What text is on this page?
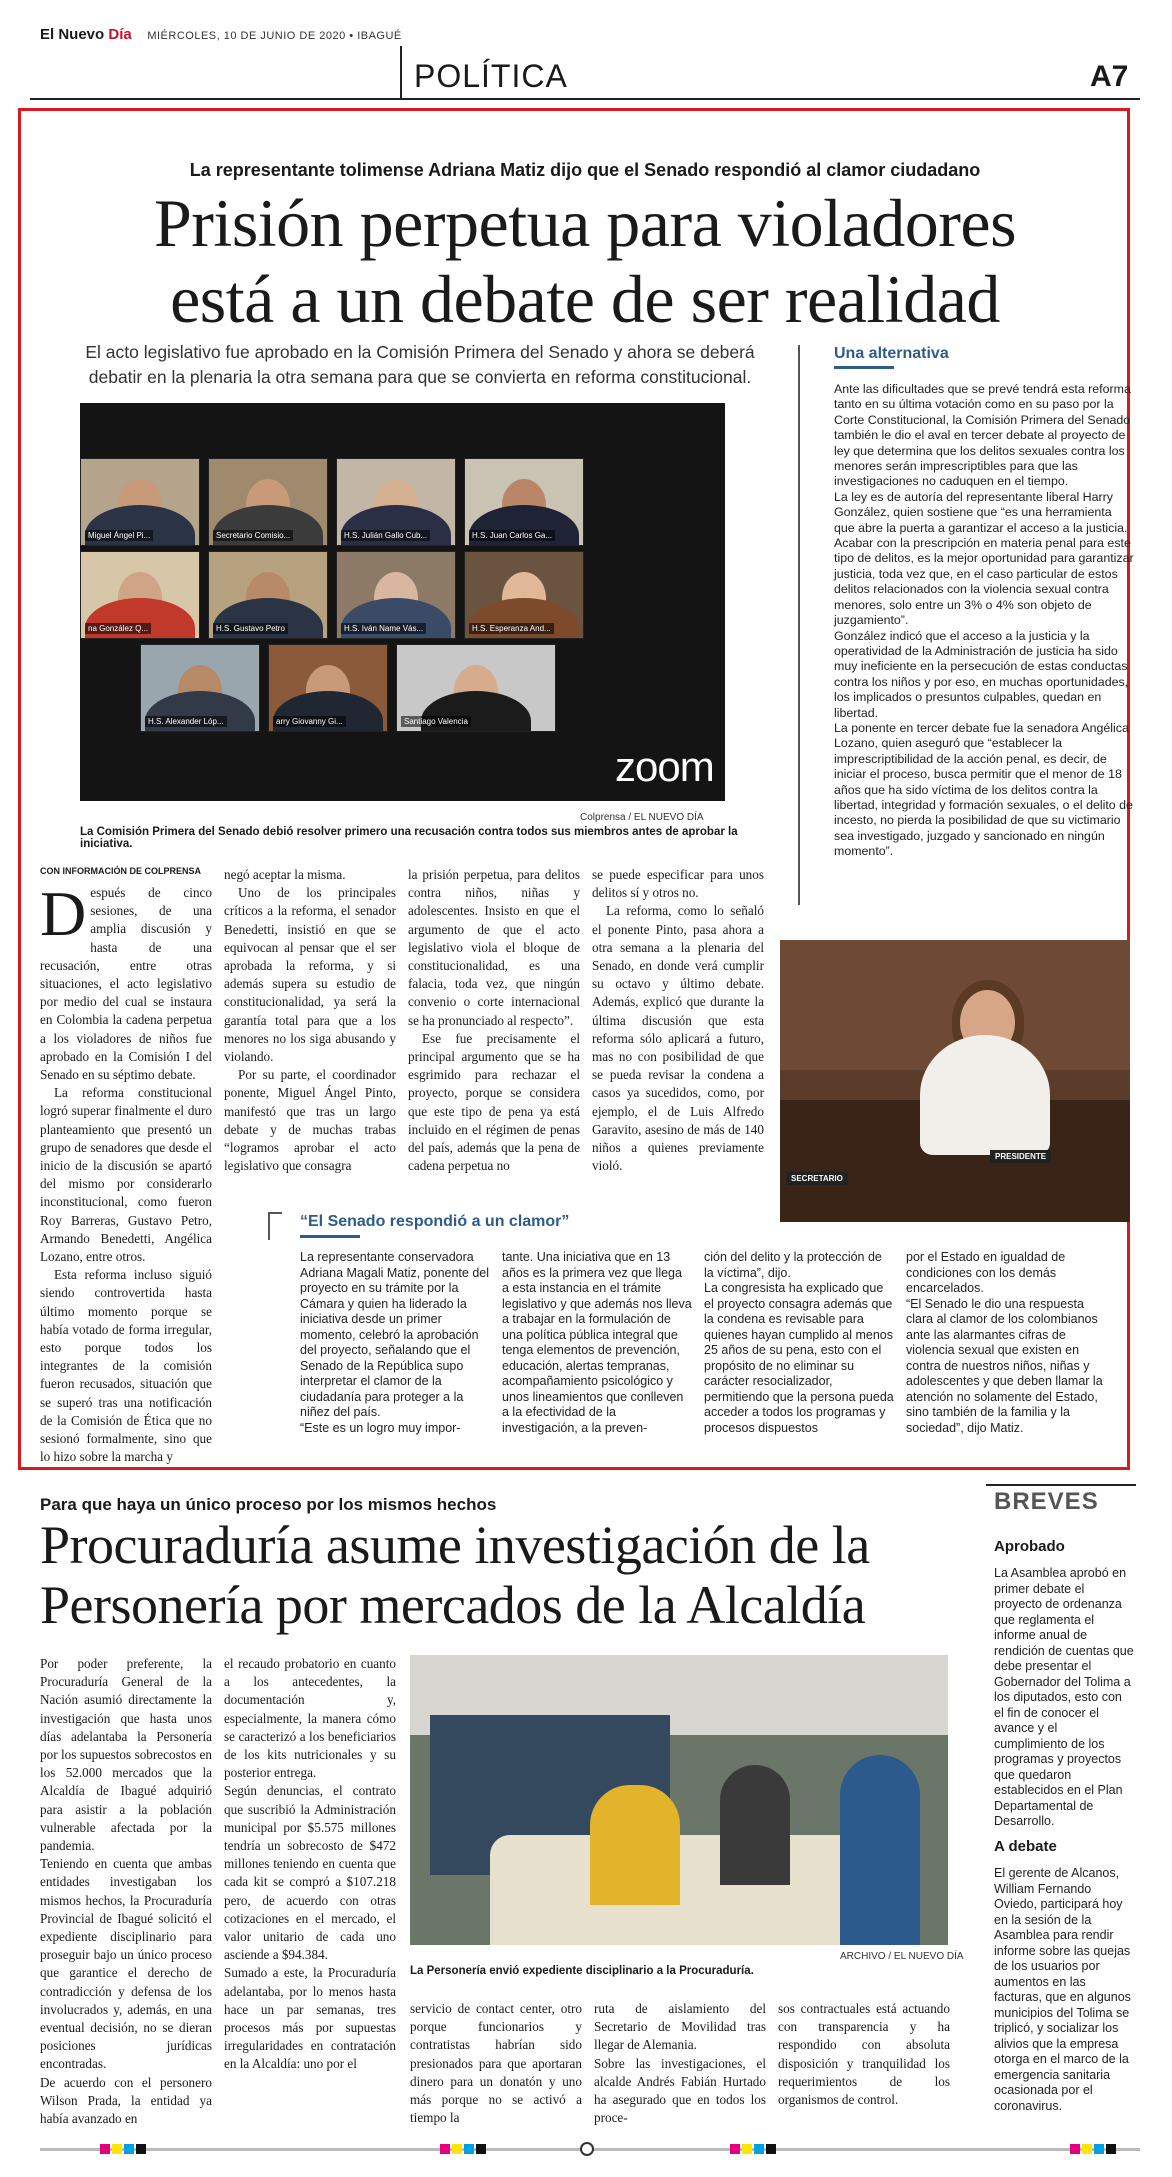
El Nuevo Día MIÉRCOLES, 10 DE JUNIO DE 2020 • IBAGUÉ
POLÍTICA	A7
La representante tolimense Adriana Matiz dijo que el Senado respondió al clamor ciudadano
Prisión perpetua para violadores
está a un debate de ser realidad
El acto legislativo fue aprobado en la Comisión Primera del Senado y ahora se deberá debatir en la plenaria la otra semana para que se convierta en reforma constitucional.
Miguel Ángel Pi...	Secretario Comisio...	H.S. Julián Gallo Cub...	H.S. Juan Carlos Ga...
na González Q...	H.S. Gustavo Petro	H.S. Iván Name Vás...	H.S. Esperanza And...
H.S. Alexander Lóp...	arry Giovanny Gi...	Santiago Valencia
zoom
Colprensa / EL NUEVO DÍA
La Comisión Primera del Senado debió resolver primero una recusación contra todos sus miembros antes de aprobar la iniciativa.
Una alternativa

Ante las dificultades que se prevé tendrá esta reforma tanto en su última votación como en su paso por la Corte Constitucional, la Comisión Primera del Senado también le dio el aval en tercer debate al proyecto de ley que determina que los delitos sexuales contra los menores serán imprescriptibles para que las investigaciones no caduquen en el tiempo.

La ley es de autoría del representante liberal Harry González, quien sostiene que “es una herramienta que abre la puerta a garantizar el acceso a la justicia. Acabar con la prescripción en materia penal para este tipo de delitos, es la mejor oportunidad para garantizar justicia, toda vez que, en el caso particular de estos delitos relacionados con la violencia sexual contra menores, solo entre un 3% o 4% son objeto de juzgamiento”.

González indicó que el acceso a la justicia y la operatividad de la Administración de justicia ha sido muy ineficiente en la persecución de estas conductas contra los niños y por eso, en muchas oportunidades, los implicados o presuntos culpables, quedan en libertad.

La ponente en tercer debate fue la senadora Angélica Lozano, quien aseguró que “establecer la imprescriptibilidad de la acción penal, es decir, de iniciar el proceso, busca permitir que el menor de 18 años que ha sido víctima de los delitos contra la libertad, integridad y formación sexuales, o el delito de incesto, no pierda la posibilidad de que su victimario sea investigado, juzgado y sancionado en ningún momento”.

CON INFORMACIÓN DE COLPRENSA

Después de cinco sesiones, de una amplia discusión y hasta de una recusación, entre otras situaciones, el acto legislativo por medio del cual se instaura en Colombia la cadena perpetua a los violadores de niños fue aprobado en la Comisión I del Senado en su séptimo debate.

La reforma constitucional logró superar finalmente el duro planteamiento que presentó un grupo de senadores que desde el inicio de la discusión se apartó del mismo por considerarlo inconstitucional, como fueron Roy Barreras, Gustavo Petro, Armando Benedetti, Angélica Lozano, entre otros.

Esta reforma incluso siguió siendo controvertida hasta último momento porque se había votado de forma irregular, esto porque todos los integrantes de la comisión fueron recusados, situación que se superó tras una notificación de la Comisión de Ética que no sesionó formalmente, sino que lo hizo sobre la marcha y

negó aceptar la misma.

Uno de los principales críticos a la reforma, el senador Benedetti, insistió en que se equivocan al pensar que el ser aprobada la reforma, y si además supera su estudio de constitucionalidad, ya será la garantía total para que a los menores no los siga abusando y violando.

Por su parte, el coordinador ponente, Miguel Ángel Pinto, manifestó que tras un largo debate y de muchas trabas “logramos aprobar el acto legislativo que consagra

la prisión perpetua, para delitos contra niños, niñas y adolescentes. Insisto en que el argumento de que el acto legislativo viola el bloque de constitucionalidad, es una falacia, toda vez, que ningún convenio o corte internacional se ha pronunciado al respecto”.

Ese fue precisamente el principal argumento que se ha esgrimido para rechazar el proyecto, porque se considera que este tipo de pena ya está incluido en el régimen de penas del país, además que la pena de cadena perpetua no

se puede especificar para unos delitos sí y otros no.

La reforma, como lo señaló el ponente Pinto, pasa ahora a otra semana a la plenaria del Senado, en donde verá cumplir su octavo y último debate. Además, explicó que durante la última discusión que esta reforma sólo aplicará a futuro, mas no con posibilidad de que se pueda revisar la condena a casos ya sucedidos, como, por ejemplo, el de Luis Alfredo Garavito, asesino de más de 140 niños a quienes previamente violó.

PRESIDENTE
SECRETARIO
“El Senado respondió a un clamor”
La representante conservadora Adriana Magali Matiz, ponente del proyecto en su trámite por la Cámara y quien ha liderado la iniciativa desde un primer momento, celebró la aprobación del proyecto, señalando que el Senado de la República supo interpretar el clamor de la ciudadanía para proteger a la niñez del país.
“Este es un logro muy impor-
tante. Una iniciativa que en 13 años es la primera vez que llega a esta instancia en el trámite legislativo y que además nos lleva a trabajar en la formulación de una política pública integral que tenga elementos de prevención, educación, alertas tempranas, acompañamiento psicológico y unos lineamientos que conlleven a la efectividad de la investigación, a la preven-
ción del delito y la protección de la víctima”, dijo.
La congresista ha explicado que el proyecto consagra además que la condena es revisable para quienes hayan cumplido al menos 25 años de su pena, esto con el propósito de no eliminar su carácter resocializador, permitiendo que la persona pueda acceder a todos los programas y procesos dispuestos
por el Estado en igualdad de condiciones con los demás encarcelados.
“El Senado le dio una respuesta clara al clamor de los colombianos ante las alarmantes cifras de violencia sexual que existen en contra de nuestros niños, niñas y adolescentes y que deben llamar la atención no solamente del Estado, sino también de la familia y la sociedad”, dijo Matiz.
Para que haya un único proceso por los mismos hechos
Procuraduría asume investigación de la
Personería por mercados de la Alcaldía
Por poder preferente, la Procuraduría General de la Nación asumió directamente la investigación que hasta unos días adelantaba la Personería por los supuestos sobrecostos en los 52.000 mercados que la Alcaldía de Ibagué adquirió para asistir a la población vulnerable afectada por la pandemia.
Teniendo en cuenta que ambas entidades investigaban los mismos hechos, la Procuraduría Provincial de Ibagué solicitó el expediente disciplinario para proseguir bajo un único proceso que garantice el derecho de contradicción y defensa de los involucrados y, además, en una eventual decisión, no se dieran posiciones jurídicas encontradas.
De acuerdo con el personero Wilson Prada, la entidad ya había avanzado en
el recaudo probatorio en cuanto a los antecedentes, la documentación y, especialmente, la manera cómo se caracterizó a los beneficiarios de los kits nutricionales y su posterior entrega.
Según denuncias, el contrato que suscribió la Administración municipal por $5.575 millones tendría un sobrecosto de $472 millones teniendo en cuenta que cada kit se compró a $107.218 pero, de acuerdo con otras cotizaciones en el mercado, el valor unitario de cada uno asciende a $94.384.
Sumado a este, la Procuraduría adelantaba, por lo menos hasta hace un par semanas, tres procesos más por supuestas irregularidades en contratación en la Alcaldía: uno por el
ARCHIVO / EL NUEVO DÍA
La Personería envió expediente disciplinario a la Procuraduría.
servicio de contact center, otro porque funcionarios y contratistas habrían sido presionados para que aportaran dinero para un donatón y uno más porque no se activó a tiempo la
ruta de aislamiento del Secretario de Movilidad tras llegar de Alemania.
Sobre las investigaciones, el alcalde Andrés Fabián Hurtado ha asegurado que en todos los proce-
sos contractuales está actuando con transparencia y ha respondido con absoluta disposición y tranquilidad los requerimientos de los organismos de control.
BREVES
Aprobado
La Asamblea aprobó en primer debate el proyecto de ordenanza que reglamenta el informe anual de rendición de cuentas que debe presentar el Gobernador del Tolima a los diputados, esto con el fin de conocer el avance y el cumplimiento de los programas y proyectos que quedaron establecidos en el Plan Departamental de Desarrollo.
A debate
El gerente de Alcanos, William Fernando Oviedo, participará hoy en la sesión de la Asamblea para rendir informe sobre las quejas de los usuarios por aumentos en las facturas, que en algunos municipios del Tolima se triplicó, y socializar los alivios que la empresa otorga en el marco de la emergencia sanitaria ocasionada por el coronavirus.
